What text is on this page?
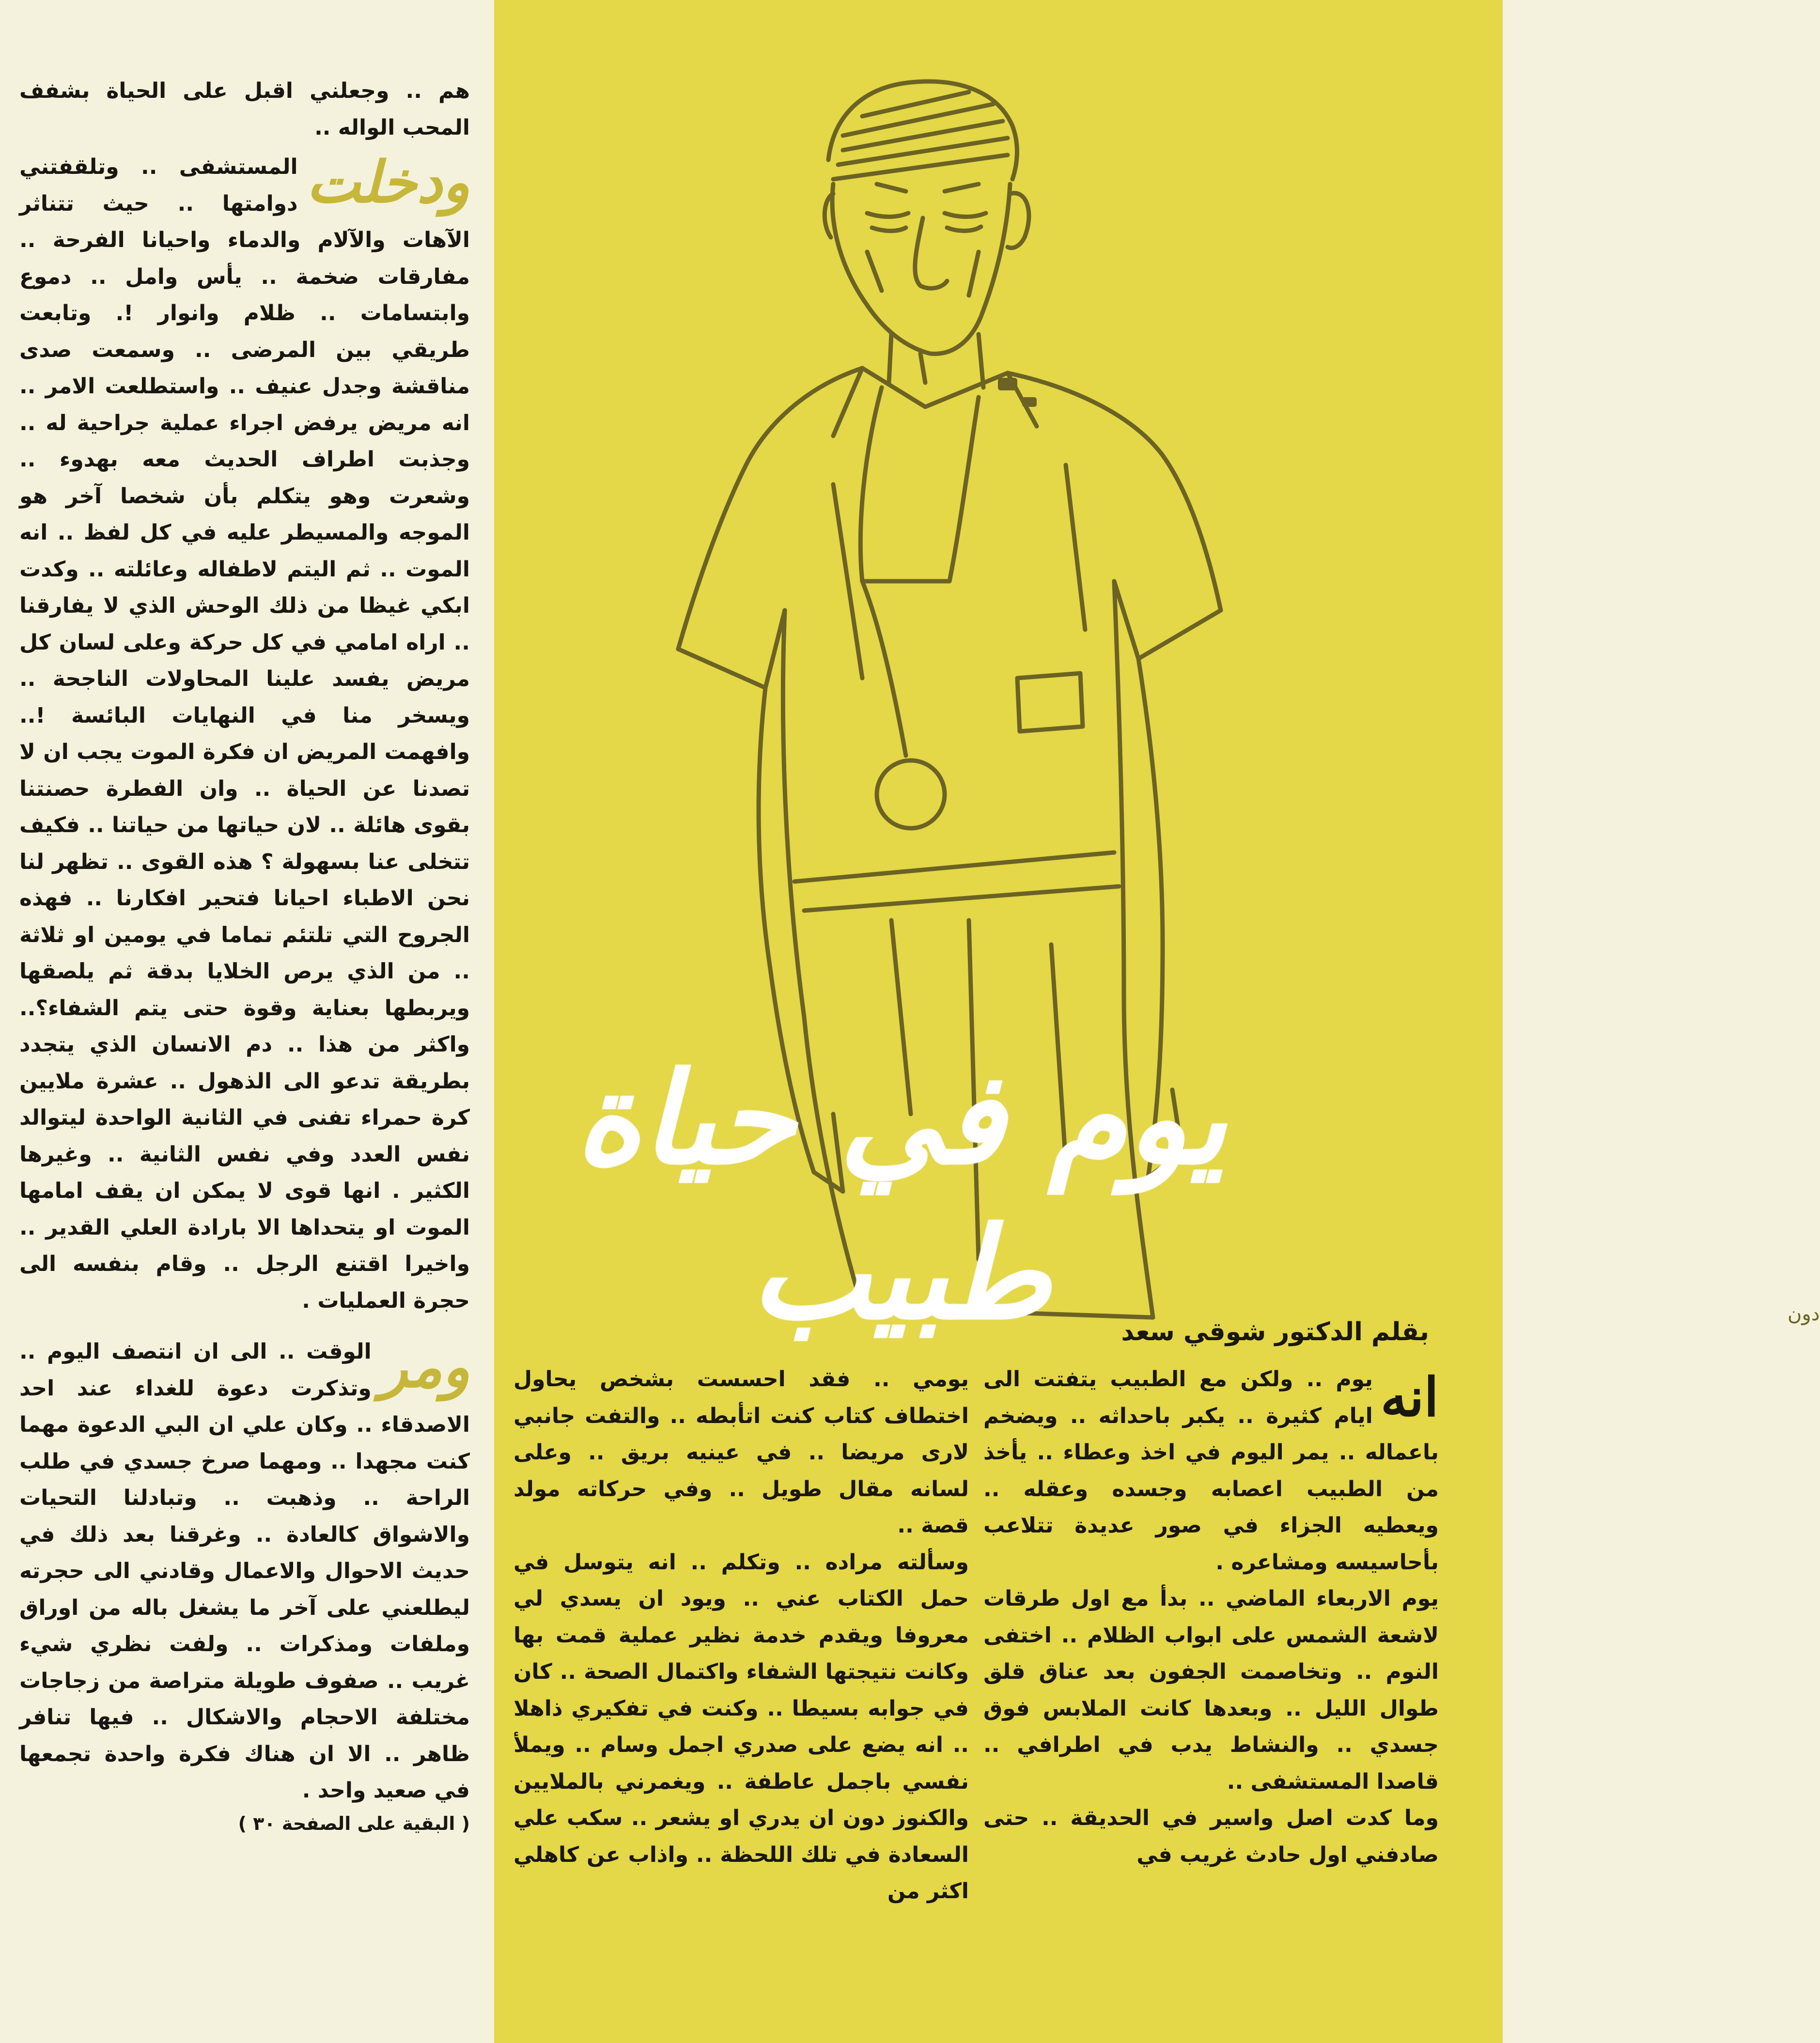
هم .. وجعلني اقبل على الحياة بشفف المحب الواله ..

ودخلت
المستشفى .. وتلقفتني دوامتها .. حيث تتناثر الآهات والآلام والدماء واحيانا الفرحة .. مفارقات ضخمة .. يأس وامل .. دموع وابتسامات .. ظلام وانوار !. وتابعت طريقي بين المرضى .. وسمعت صدى مناقشة وجدل عنيف .. واستطلعت الامر .. انه مريض يرفض اجراء عملية جراحية له .. وجذبت اطراف الحديث معه بهدوء .. وشعرت وهو يتكلم بأن شخصا آخر هو الموجه والمسيطر عليه في كل لفظ .. انه الموت .. ثم اليتم لاطفاله وعائلته .. وكدت ابكي غيظا من ذلك الوحش الذي لا يفارقنا .. اراه امامي في كل حركة وعلى لسان كل مريض يفسد علينا المحاولات الناجحة .. ويسخر منا في النهايات البائسة !.. وافهمت المريض ان فكرة الموت يجب ان لا تصدنا عن الحياة .. وان الفطرة حصنتنا بقوى هائلة .. لان حياتها من حياتنا .. فكيف تتخلى عنا بسهولة ؟ هذه القوى .. تظهر لنا نحن الاطباء احيانا فتحير افكارنا .. فهذه الجروح التي تلتئم تماما في يومين او ثلاثة .. من الذي يرص الخلايا بدقة ثم يلصقها ويربطها بعناية وقوة حتى يتم الشفاء؟.. واكثر من هذا .. دم الانسان الذي يتجدد بطريقة تدعو الى الذهول .. عشرة ملايين كرة حمراء تفنى في الثانية الواحدة ليتوالد نفس العدد وفي نفس الثانية .. وغيرها الكثير . انها قوى لا يمكن ان يقف امامها الموت او يتحداها الا بارادة العلي القدير .. واخيرا اقتنع الرجل .. وقام بنفسه الى حجرة العمليات .

ومر
الوقت .. الى ان انتصف اليوم .. وتذكرت دعوة للغداء عند احد الاصدقاء .. وكان علي ان البي الدعوة مهما كنت مجهدا .. ومهما صرخ جسدي في طلب الراحة .. وذهبت .. وتبادلنا التحيات والاشواق كالعادة .. وغرقنا بعد ذلك في حديث الاحوال والاعمال وقادني الى حجرته ليطلعني على آخر ما يشغل باله من اوراق وملفات ومذكرات .. ولفت نظري شيء غريب .. صفوف طويلة متراصة من زجاجات مختلفة الاحجام والاشكال .. فيها تنافر ظاهر .. الا ان هناك فكرة واحدة تجمعها في صعيد واحد .

( البقية على الصفحة ٣٠ )
دون
يوم في حياة طبيب	بقلم الدكتور شوقي سعد

انه
يوم .. ولكن مع الطبيب يتفتت الى ايام كثيرة .. يكبر باحداثه .. ويضخم باعماله .. يمر اليوم في اخذ وعطاء .. يأخذ من الطبيب اعصابه وجسده وعقله .. ويعطيه الجزاء في صور عديدة تتلاعب بأحاسيسه ومشاعره .

يوم الاربعاء الماضي .. بدأ مع اول طرقات لاشعة الشمس على ابواب الظلام .. اختفى النوم .. وتخاصمت الجفون بعد عناق قلق طوال الليل .. وبعدها كانت الملابس فوق جسدي .. والنشاط يدب في اطرافي .. قاصدا المستشفى ..

وما كدت اصل واسير في الحديقة .. حتى صادفني اول حادث غريب في

يومي .. فقد احسست بشخص يحاول اختطاف كتاب كنت اتأبطه .. والتفت جانبي لارى مريضا .. في عينيه بريق .. وعلى لسانه مقال طويل .. وفي حركاته مولد قصة ..

وسألته مراده .. وتكلم .. انه يتوسل في حمل الكتاب عني .. ويود ان يسدي لي معروفا ويقدم خدمة نظير عملية قمت بها وكانت نتيجتها الشفاء واكتمال الصحة .. كان في جوابه بسيطا .. وكنت في تفكيري ذاهلا .. انه يضع على صدري اجمل وسام .. ويملأ نفسي باجمل عاطفة .. ويغمرني بالملايين والكنوز دون ان يدري او يشعر .. سكب علي السعادة في تلك اللحظة .. واذاب عن كاهلي اكثر من
